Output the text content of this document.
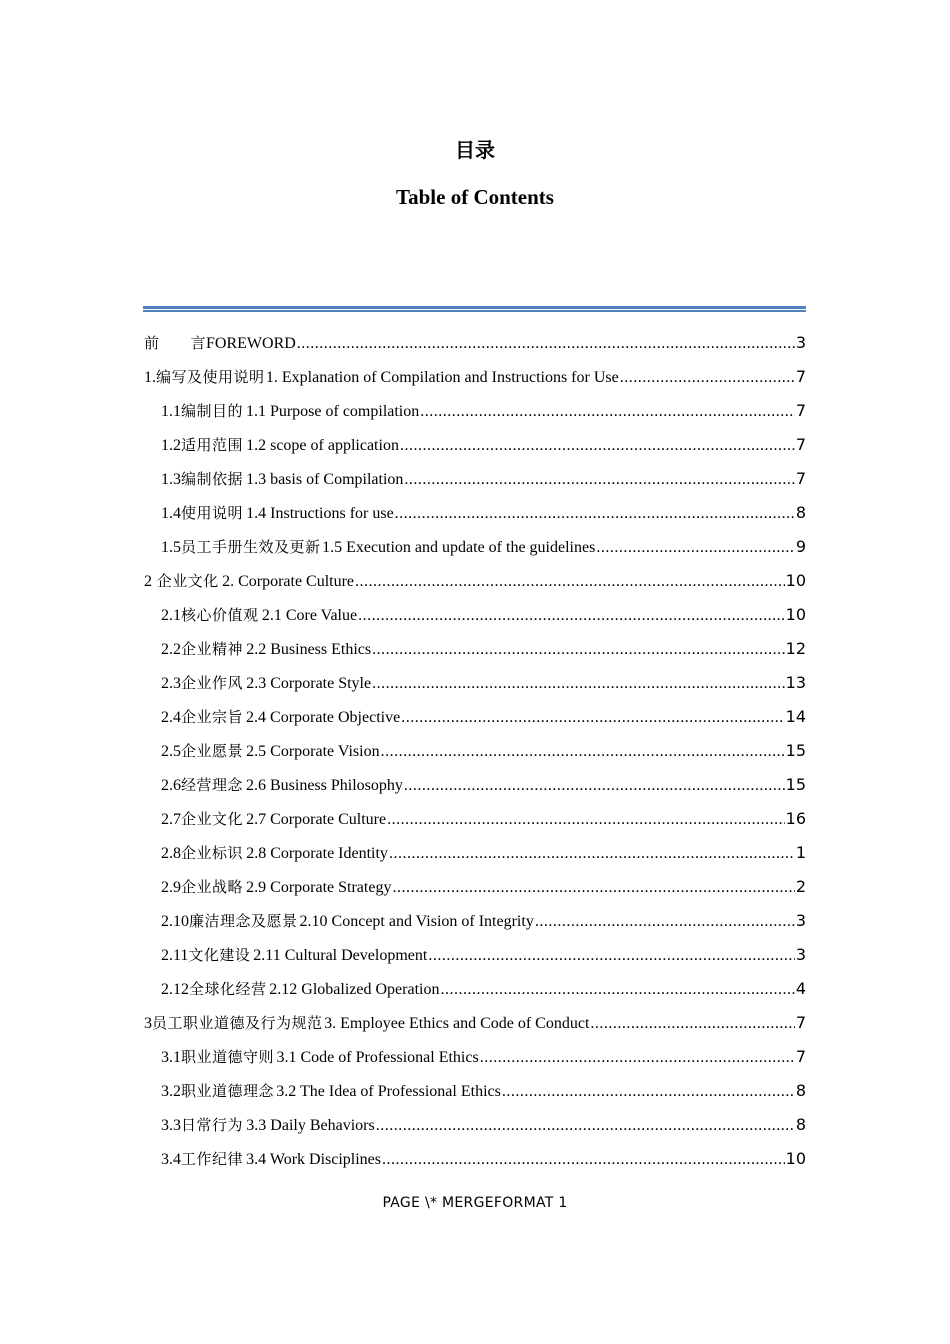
目录
Table of Contents
前　　言 FOREWORD .....	3
1. 编写及使用说明 1. Explanation of Compilation and Instructions for Use .....	7
1.1 编制目的 1.1 Purpose of compilation .....	7
1.2 适用范围 1.2 scope of application .....	7
1.3 编制依据 1.3 basis of Compilation .....	7
1.4 使用说明 1.4 Instructions for use .....	8
1.5 员工手册生效及更新 1.5 Execution and update of the guidelines .....	9
2 企业文化 2. Corporate Culture .....	10
2.1 核心价值观 2.1 Core Value .....	10
2.2 企业精神 2.2 Business Ethics .....	12
2.3 企业作风 2.3 Corporate Style .....	13
2.4 企业宗旨 2.4 Corporate Objective .....	14
2.5 企业愿景 2.5 Corporate Vision .....	15
2.6 经营理念 2.6 Business Philosophy .....	15
2.7 企业文化 2.7 Corporate Culture .....	16
2.8 企业标识 2.8 Corporate Identity .....	1
2.9 企业战略 2.9 Corporate Strategy .....	2
2.10 廉洁理念及愿景 2.10 Concept and Vision of Integrity .....	3
2.11 文化建设 2.11 Cultural Development .....	3
2.12 全球化经营 2.12 Globalized Operation .....	4
3 员工职业道德及行为规范 3. Employee Ethics and Code of Conduct .....	7
3.1 职业道德守则 3.1 Code of Professional Ethics .....	7
3.2 职业道德理念 3.2 The Idea of Professional Ethics .....	8
3.3 日常行为 3.3 Daily Behaviors .....	8
3.4 工作纪律 3.4 Work Disciplines .....	10
PAGE \* MERGEFORMAT 1
